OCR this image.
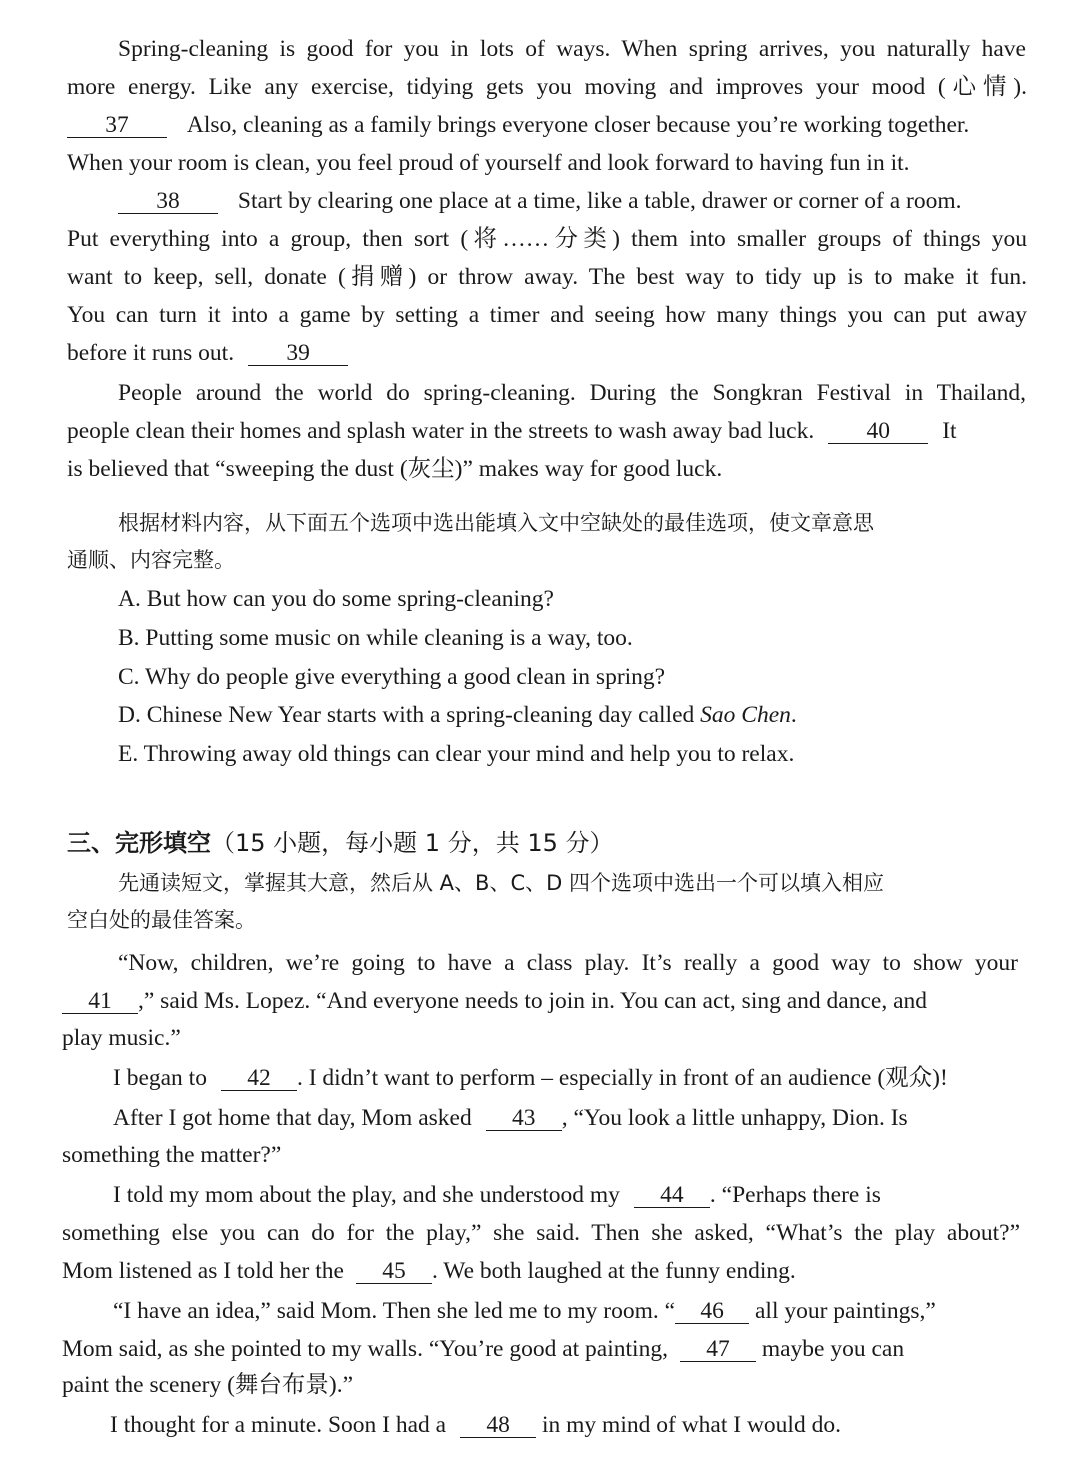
Spring-cleaning is good for you in lots of ways. When spring arrives, you naturally have
more energy. Like any exercise, tidying gets you moving and improves your mood (心情).
37 Also, cleaning as a family brings everyone closer because you’re working together.
When your room is clean, you feel proud of yourself and look forward to having fun in it.
38 Start by clearing one place at a time, like a table, drawer or corner of a room.
Put everything into a group, then sort (将……分类) them into smaller groups of things you
want to keep, sell, donate (捐赠) or throw away. The best way to tidy up is to make it fun.
You can turn it into a game by setting a timer and seeing how many things you can put away
before it runs out. 39
People around the world do spring-cleaning. During the Songkran Festival in Thailand,
people clean their homes and splash water in the streets to wash away bad luck. 40 It
is believed that “sweeping the dust (灰尘)” makes way for good luck.
根据材料内容，从下面五个选项中选出能填入文中空缺处的最佳选项，使文章意思
通顺、内容完整。
A. But how can you do some spring-cleaning?
B. Putting some music on while cleaning is a way, too.
C. Why do people give everything a good clean in spring?
D. Chinese New Year starts with a spring-cleaning day called Sao Chen.
E. Throwing away old things can clear your mind and help you to relax.
三、完形填空（15 小题，每小题 1 分，共 15 分）
先通读短文，掌握其大意，然后从 A、B、C、D 四个选项中选出一个可以填入相应
空白处的最佳答案。
“Now, children, we’re going to have a class play. It’s really a good way to show your
41 ,” said Ms. Lopez. “And everyone needs to join in. You can act, sing and dance, and
play music.”
I began to 42 . I didn’t want to perform – especially in front of an audience (观众)!
After I got home that day, Mom asked 43 , “You look a little unhappy, Dion. Is
something the matter?”
I told my mom about the play, and she understood my 44 . “Perhaps there is
something else you can do for the play,” she said. Then she asked, “What’s the play about?”
Mom listened as I told her the 45 . We both laughed at the funny ending.
“I have an idea,” said Mom. Then she led me to my room. “ 46 all your paintings,”
Mom said, as she pointed to my walls. “You’re good at painting, 47 maybe you can
paint the scenery (舞台布景).”
I thought for a minute. Soon I had a 48 in my mind of what I would do.
